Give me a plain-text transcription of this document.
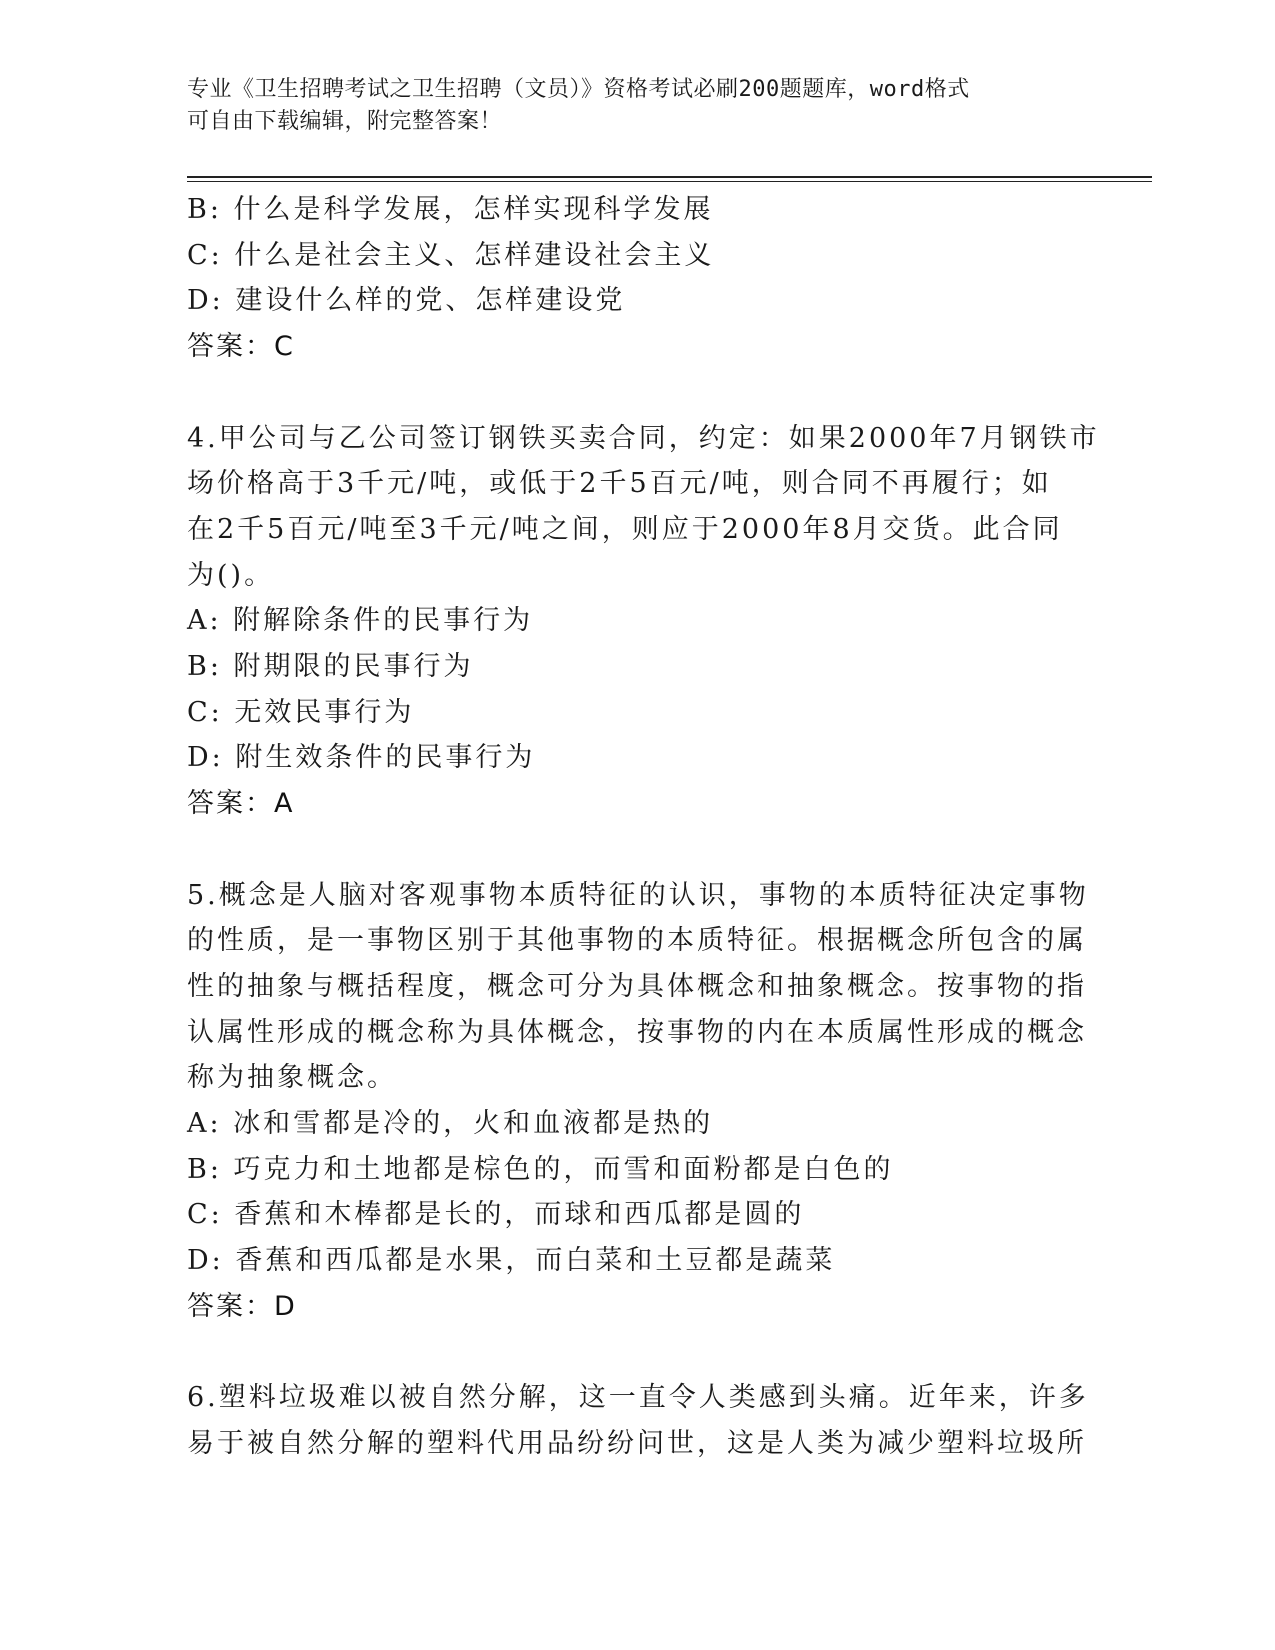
专业《卫生招聘考试之卫生招聘（文员）》资格考试必刷200题题库，word格式
可自由下载编辑，附完整答案！
B: 什么是科学发展，怎样实现科学发展
C: 什么是社会主义、怎样建设社会主义
D: 建设什么样的党、怎样建设党
答案：C
4.甲公司与乙公司签订钢铁买卖合同，约定：如果2000年7月钢铁市
场价格高于3千元/吨，或低于2千5百元/吨，则合同不再履行；如
在2千5百元/吨至3千元/吨之间，则应于2000年8月交货。此合同
为()。
A: 附解除条件的民事行为
B: 附期限的民事行为
C: 无效民事行为
D: 附生效条件的民事行为
答案：A
5.概念是人脑对客观事物本质特征的认识，事物的本质特征决定事物
的性质，是一事物区别于其他事物的本质特征。根据概念所包含的属
性的抽象与概括程度，概念可分为具体概念和抽象概念。按事物的指
认属性形成的概念称为具体概念，按事物的内在本质属性形成的概念
称为抽象概念。
A: 冰和雪都是冷的，火和血液都是热的
B: 巧克力和土地都是棕色的，而雪和面粉都是白色的
C: 香蕉和木棒都是长的，而球和西瓜都是圆的
D: 香蕉和西瓜都是水果，而白菜和土豆都是蔬菜
答案：D
6.塑料垃圾难以被自然分解，这一直令人类感到头痛。近年来，许多
易于被自然分解的塑料代用品纷纷问世，这是人类为减少塑料垃圾所
